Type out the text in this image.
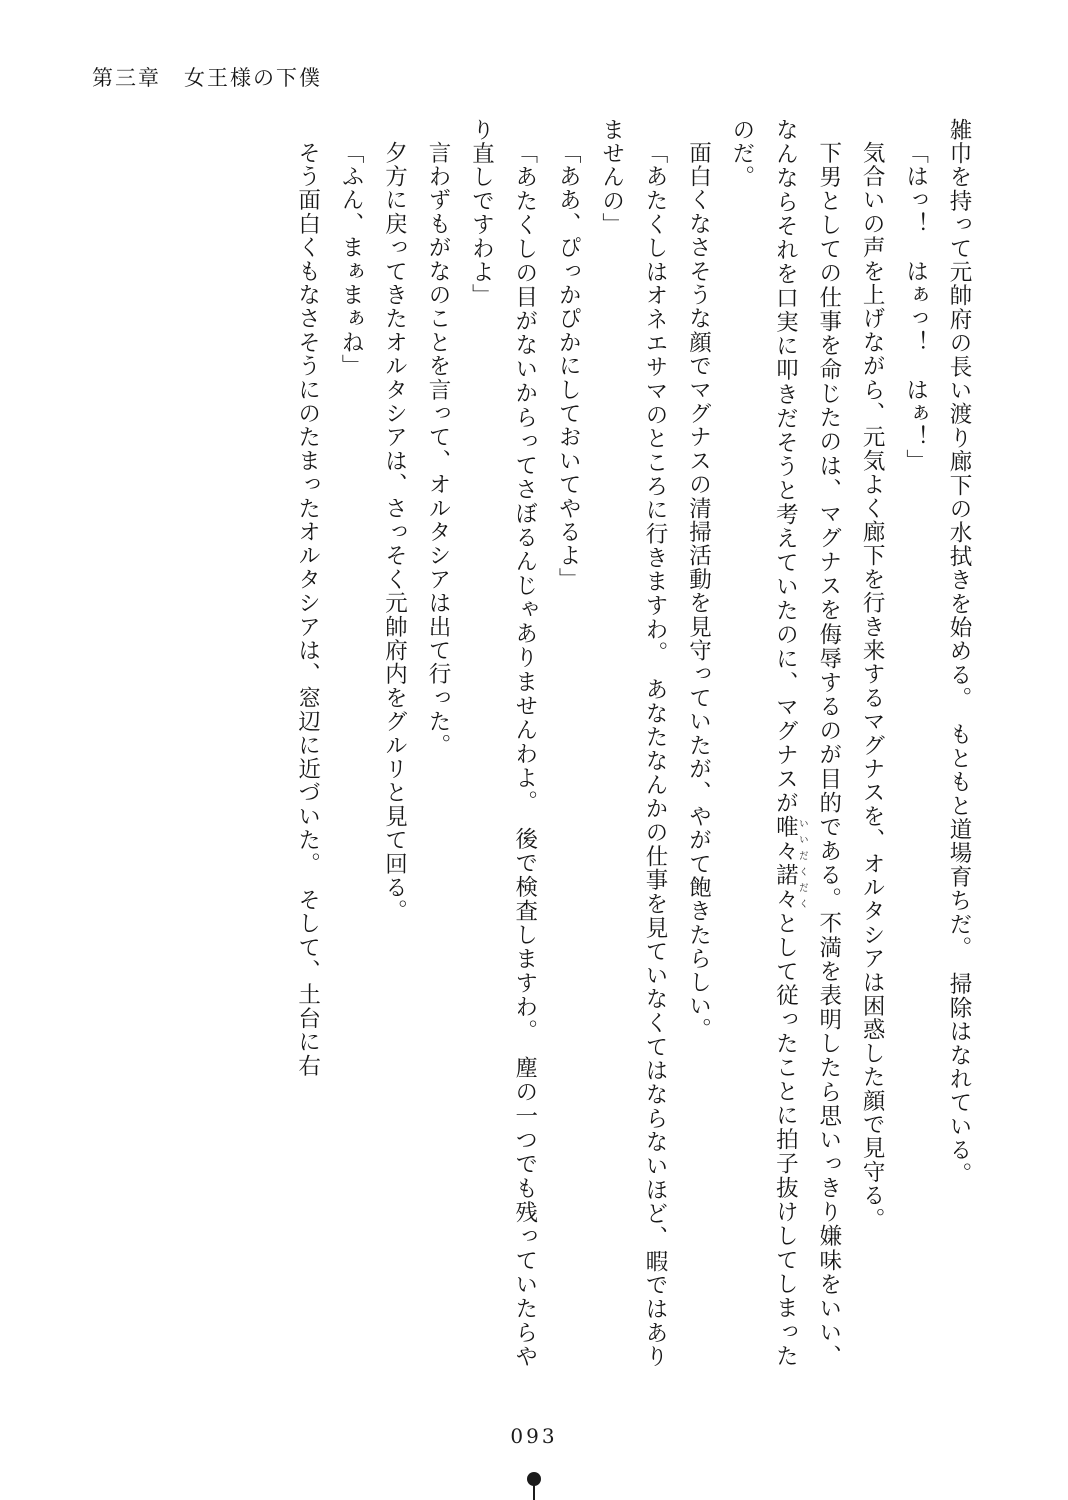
第三章　女王様の下僕

雑巾を持って元帥府の長い渡り廊下の水拭きを始める。　もともと道場育ちだ。　掃除はなれている。

「はっ！　はぁっ！　はぁ！」

気合いの声を上げながら、元気よく廊下を行き来するマグナスを、オルタシアは困惑した顔で見守る。

下男としての仕事を命じたのは、マグナスを侮辱するのが目的である。不満を表明したら思いっきり嫌味をいい、なんならそれを口実に叩きだそうと考えていたのに、マグナスが唯々諾々いいだくだくとして従ったことに拍子抜けしてしまったのだ。

面白くなさそうな顔でマグナスの清掃活動を見守っていたが、やがて飽きたらしい。

「あたくしはオネエサマのところに行きますわ。　あなたなんかの仕事を見ていなくてはならないほど、暇ではありませんの」

「ああ、ぴっかぴかにしておいてやるよ」

「あたくしの目がないからってさぼるんじゃありませんわよ。　後で検査しますわ。　塵の一つでも残っていたらやり直しですわよ」

言わずもがなのことを言って、オルタシアは出て行った。

夕方に戻ってきたオルタシアは、さっそく元帥府内をグルリと見て回る。

「ふん、まぁまぁね」

そう面白くもなさそうにのたまったオルタシアは、窓辺に近づいた。　そして、土台に右

093
